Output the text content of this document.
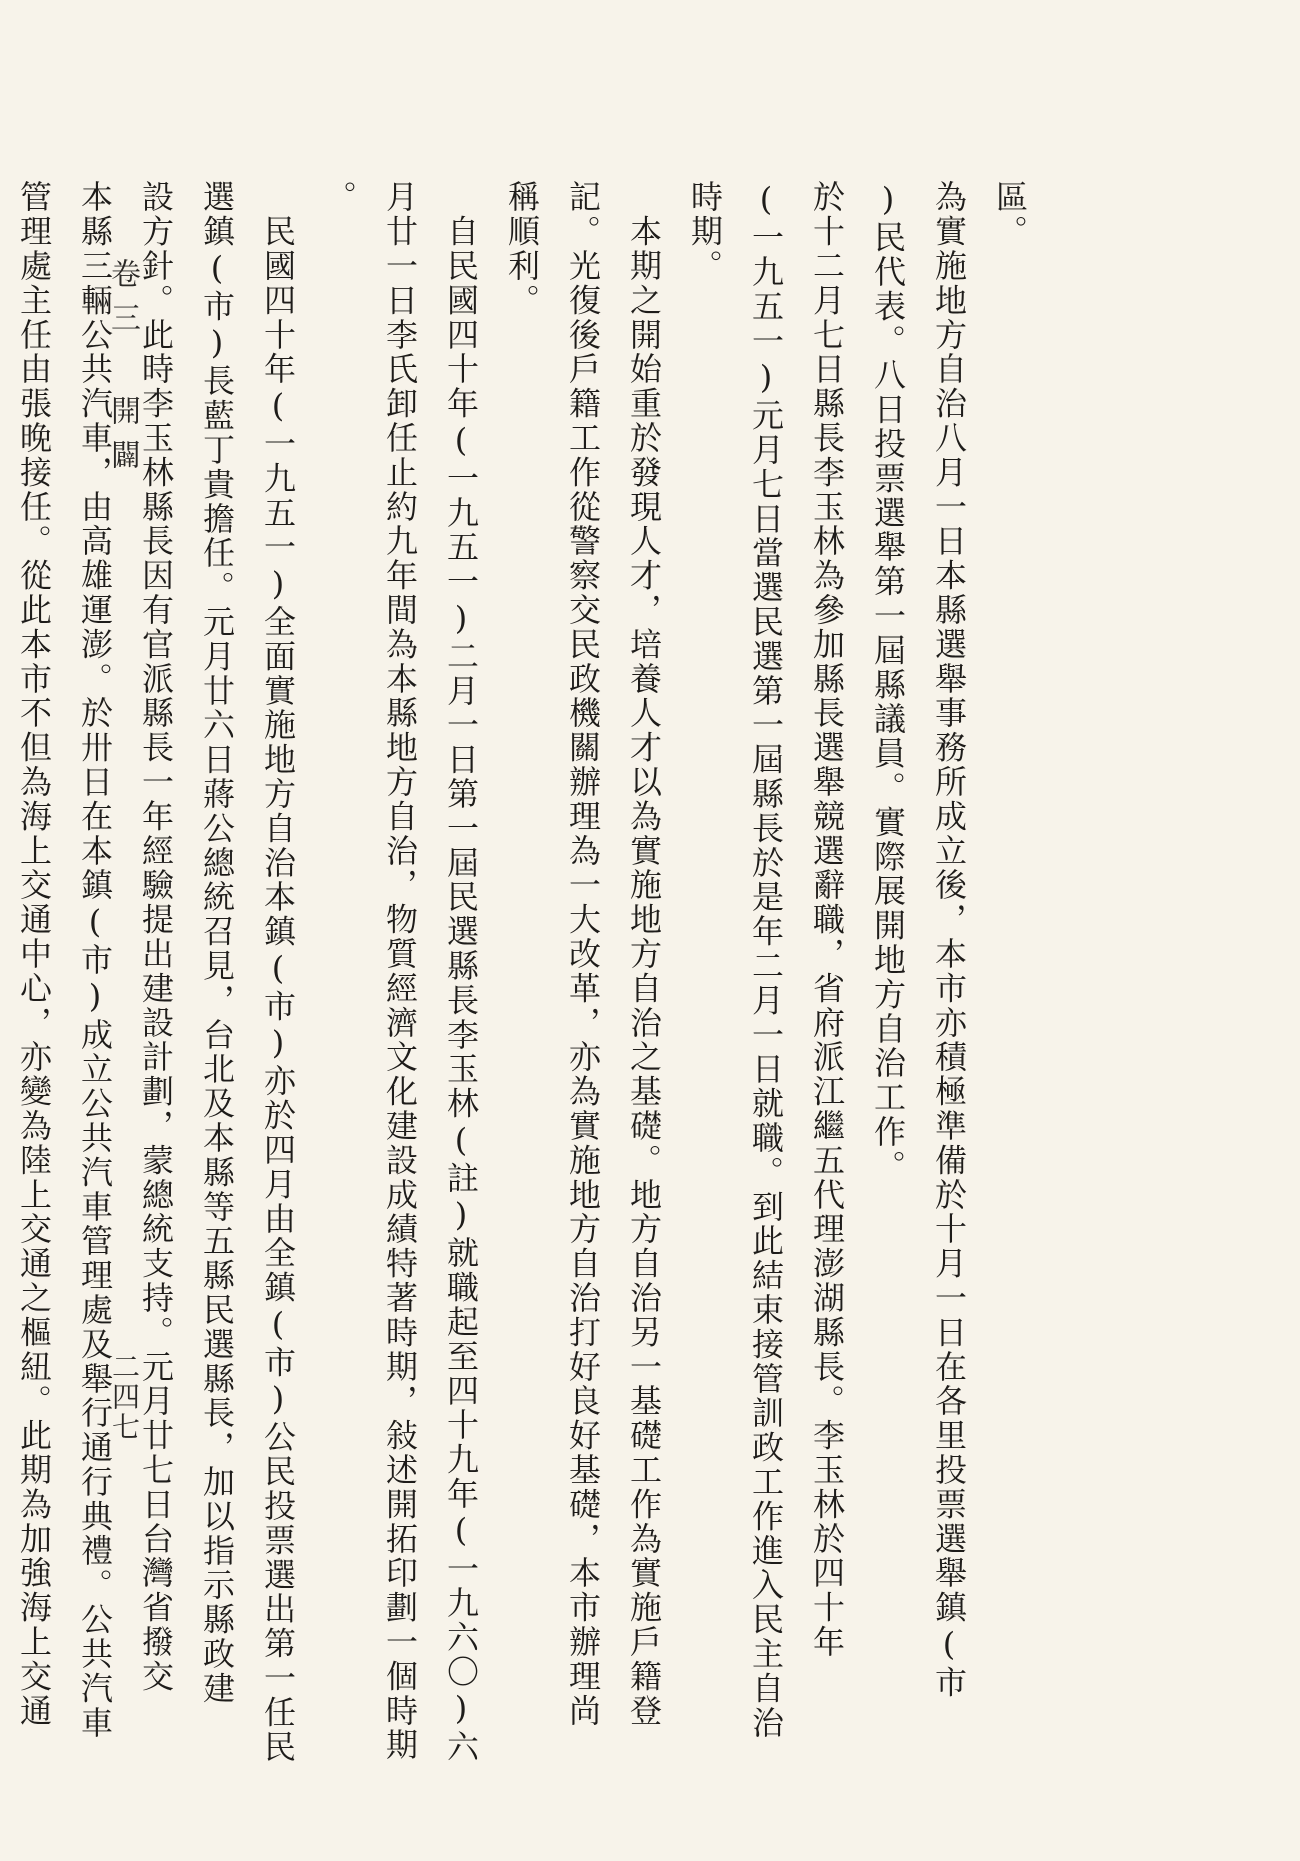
區。
為實施地方自治八月一日本縣選舉事務所成立後，本市亦積極準備於十月一日在各里投票選舉鎮(市
)民代表。八日投票選舉第一屆縣議員。實際展開地方自治工作。
於十二月七日縣長李玉林為參加縣長選舉競選辭職，省府派江繼五代理澎湖縣長。李玉林於四十年
(一九五一)元月七日當選民選第一屆縣長於是年二月一日就職。到此結束接管訓政工作進入民主自治
時期。
　本期之開始重於發現人才，培養人才以為實施地方自治之基礎。地方自治另一基礎工作為實施戶籍登
記。光復後戶籍工作從警察交民政機關辦理為一大改革，亦為實施地方自治打好良好基礎，本市辦理尚
稱順利。
　自民國四十年(一九五一)二月一日第一屆民選縣長李玉林(註)就職起至四十九年(一九六〇)六
月廿一日李氏卸任止約九年間為本縣地方自治，物質經濟文化建設成績特著時期，敍述開拓印劃一個時期
。
　民國四十年(一九五一)全面實施地方自治本鎮(市)亦於四月由全鎮(市)公民投票選出第一任民
選鎮(市)長藍丁貴擔任。元月廿六日蔣公總統召見，台北及本縣等五縣民選縣長，加以指示縣政建
設方針。此時李玉林縣長因有官派縣長一年經驗提出建設計劃，蒙總統支持。元月廿七日台灣省撥交
本縣三輛公共汽車，由高雄運澎。於卅日在本鎮(市)成立公共汽車管理處及舉行通行典禮。公共汽車
管理處主任由張晚接任。從此本市不但為海上交通中心，亦變為陸上交通之樞紐。此期為加強海上交通	卷三 開闢
二四七
